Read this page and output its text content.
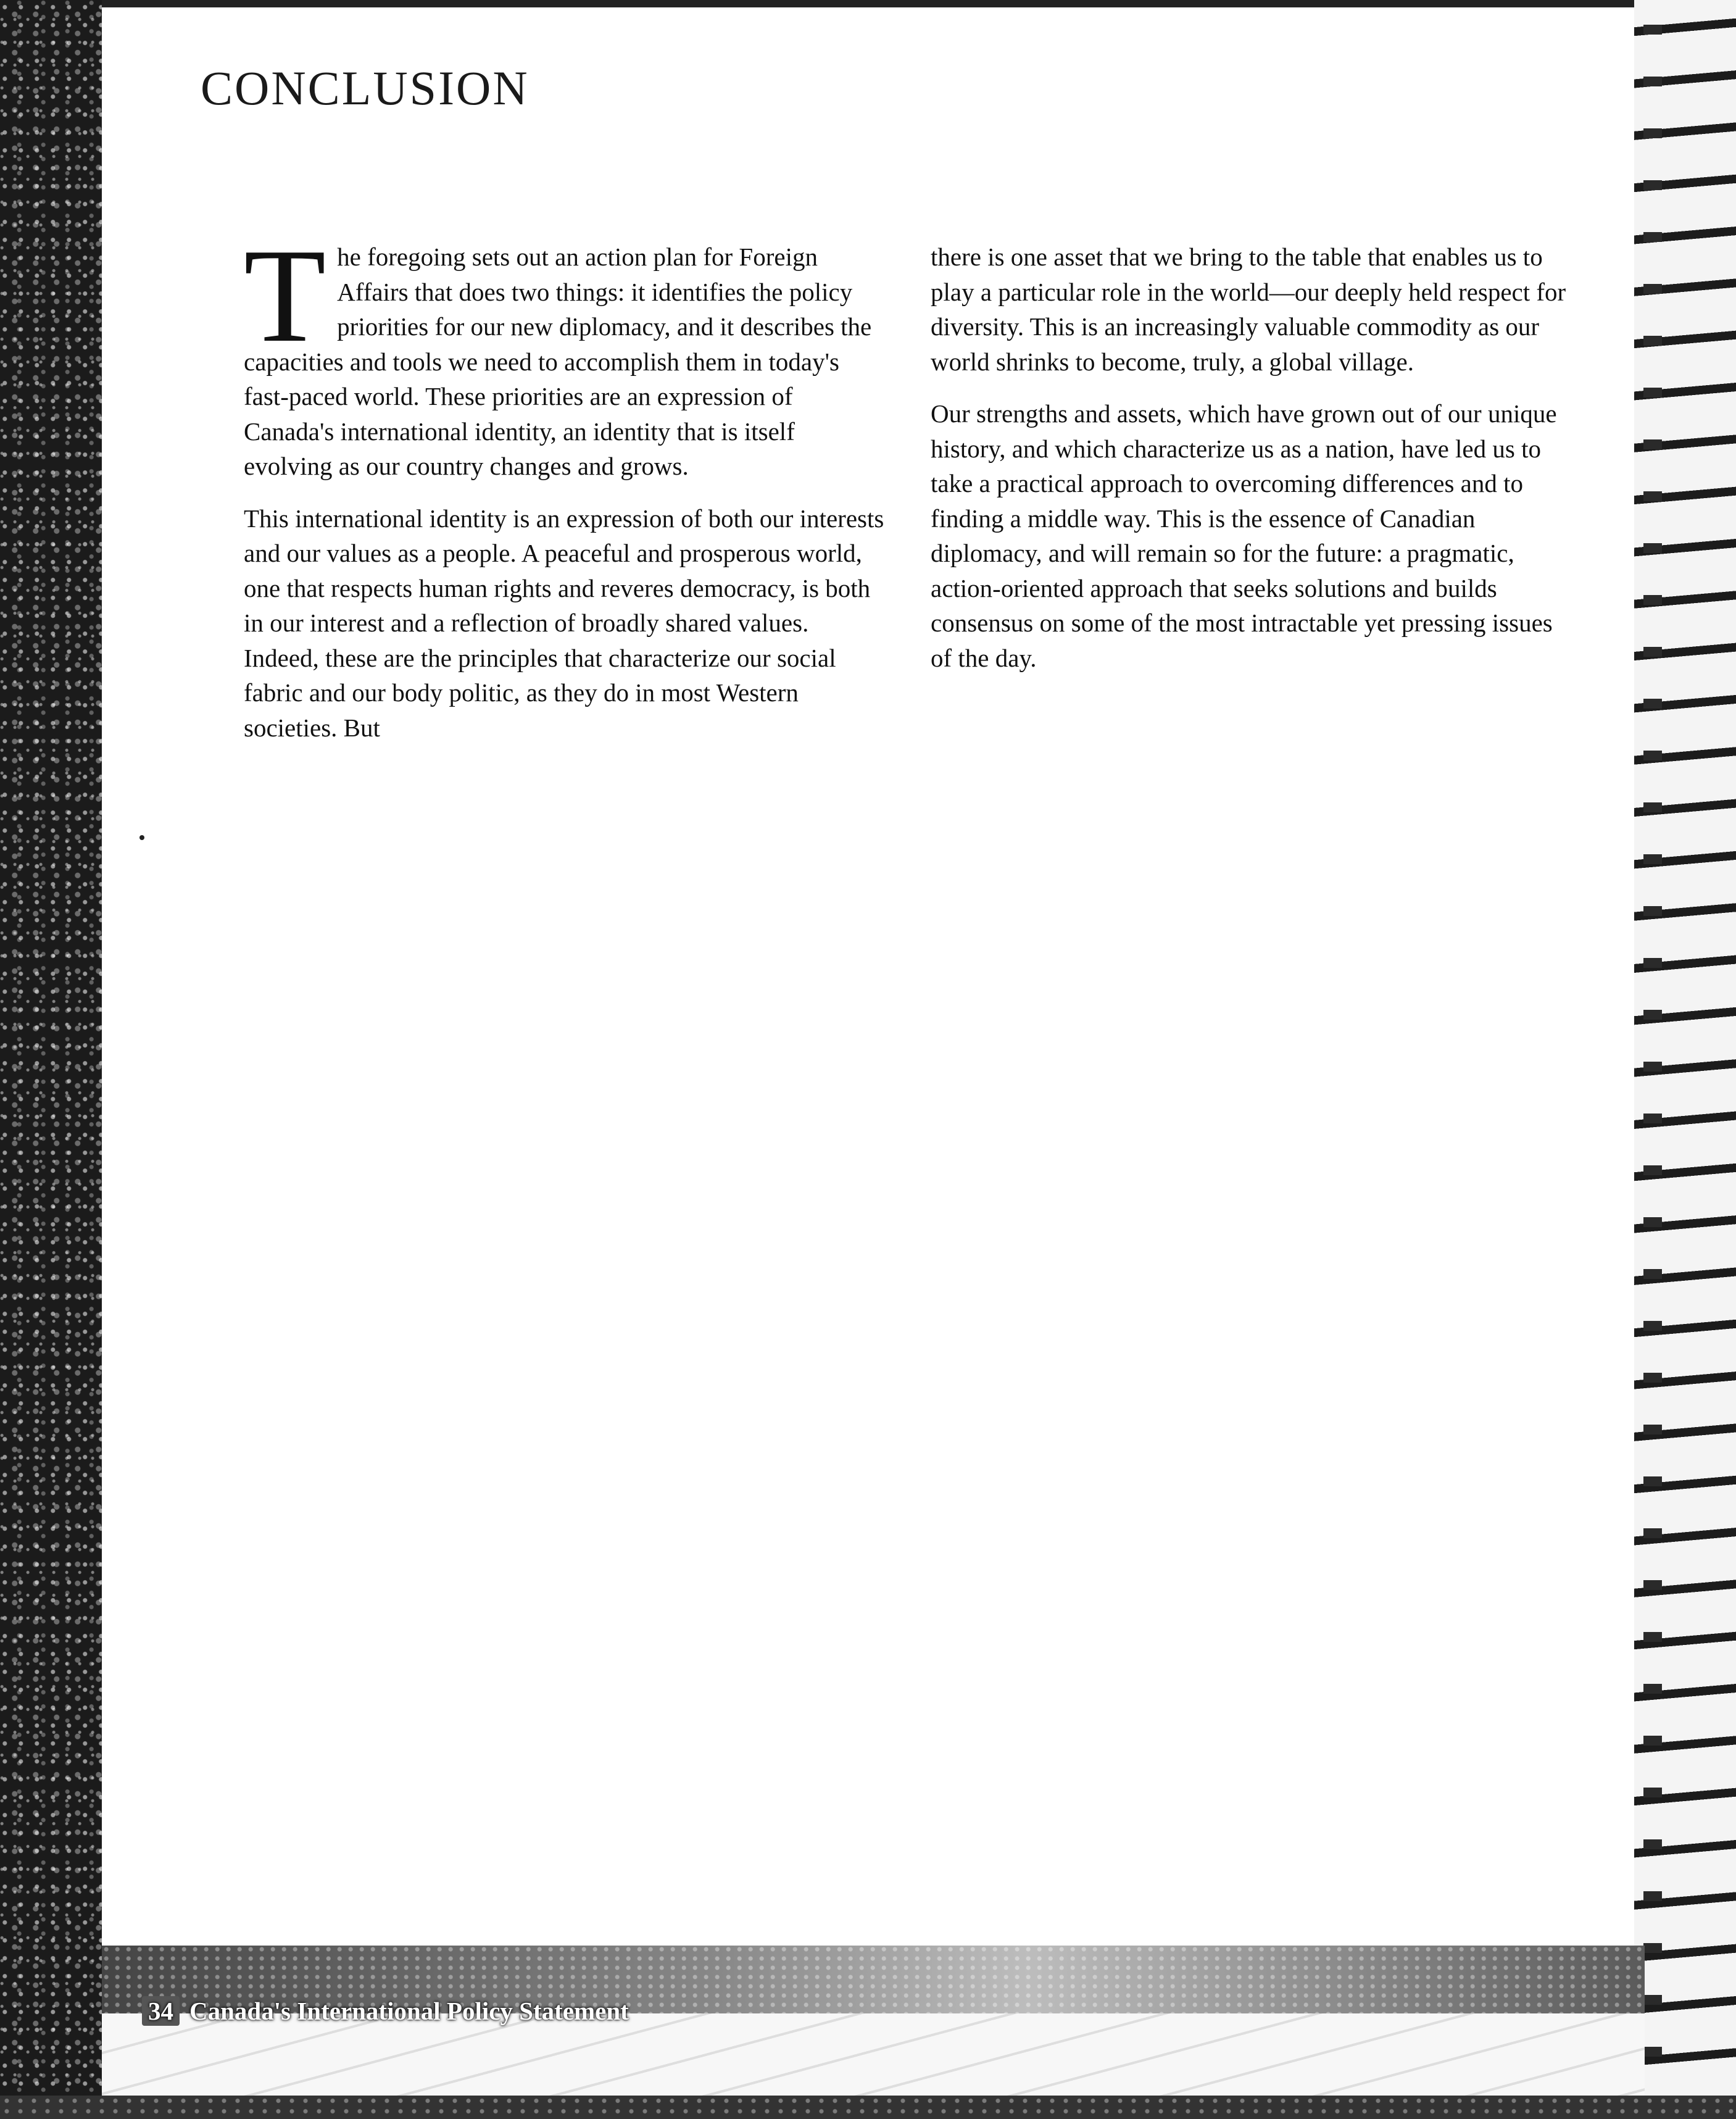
CONCLUSION

The foregoing sets out an action plan for Foreign Affairs that does two things: it identifies the policy priorities for our new diplomacy, and it describes the capacities and tools we need to accomplish them in today's fast-paced world. These priorities are an expression of Canada's international identity, an identity that is itself evolving as our country changes and grows.

This international identity is an expression of both our interests and our values as a people. A peaceful and prosperous world, one that respects human rights and reveres democracy, is both in our interest and a reflection of broadly shared values. Indeed, these are the principles that characterize our social fabric and our body politic, as they do in most Western societies. But

there is one asset that we bring to the table that enables us to play a particular role in the world—our deeply held respect for diversity. This is an increasingly valuable commodity as our world shrinks to become, truly, a global village.

Our strengths and assets, which have grown out of our unique history, and which characterize us as a nation, have led us to take a practical approach to overcoming differences and to finding a middle way. This is the essence of Canadian diplomacy, and will remain so for the future: a pragmatic, action-oriented approach that seeks solutions and builds consensus on some of the most intractable yet pressing issues of the day.

34 Canada's International Policy Statement
